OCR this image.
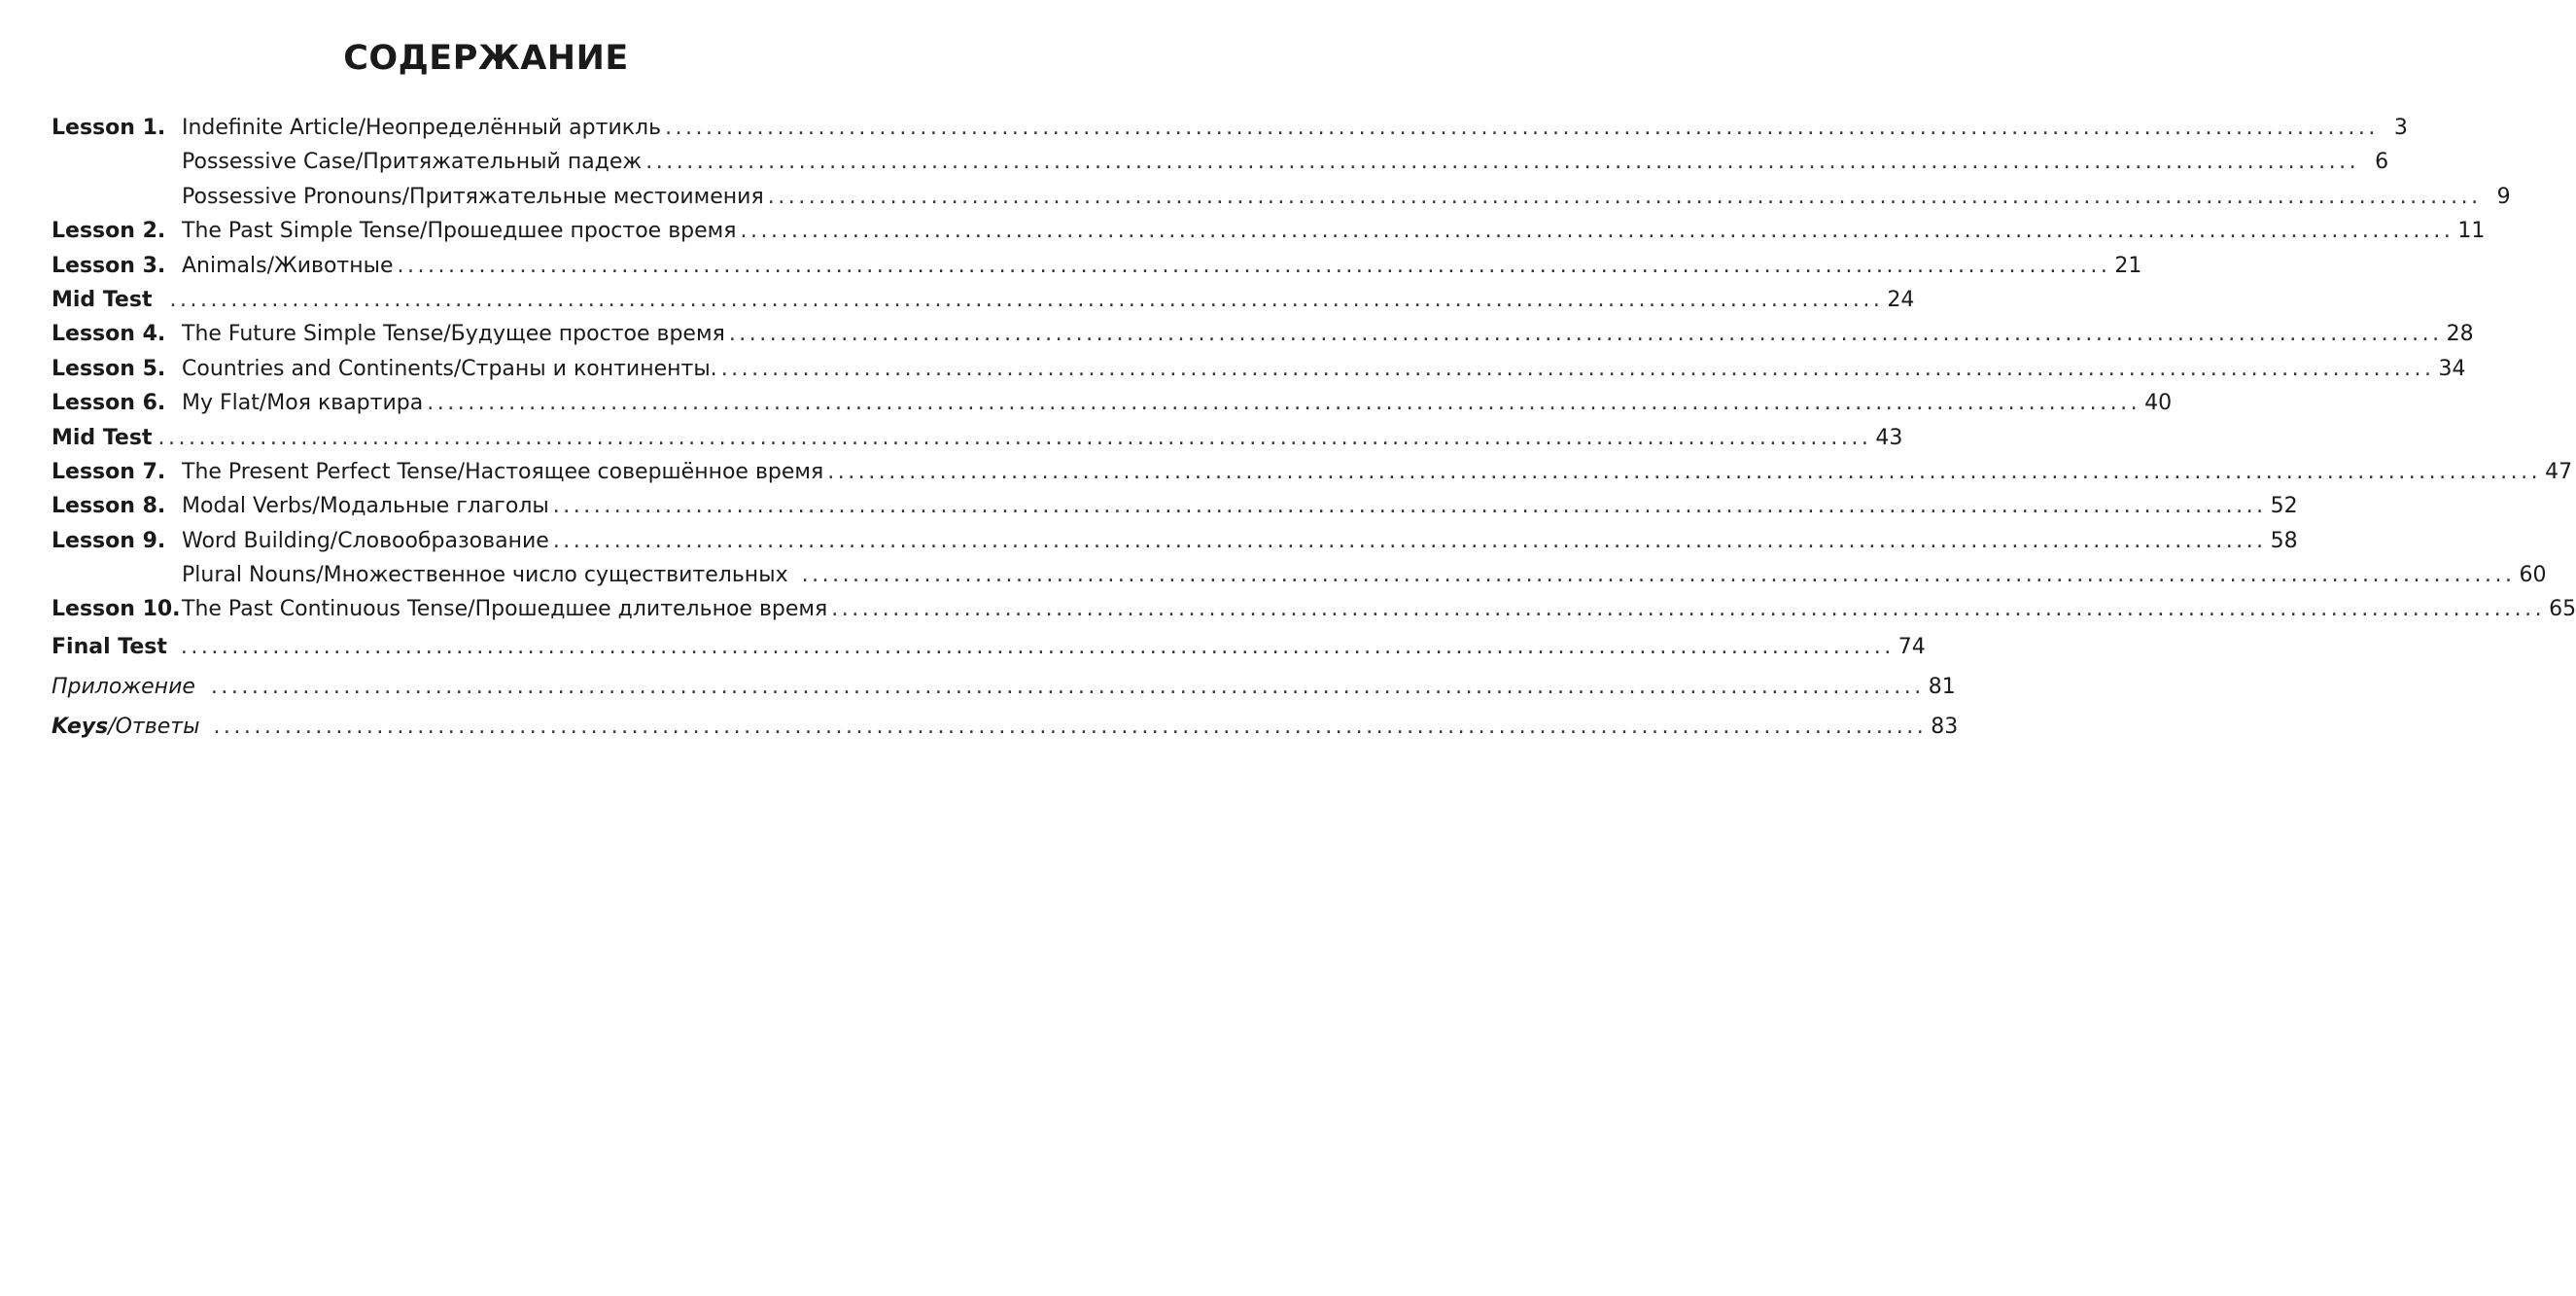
СОДЕРЖАНИЕ
Lesson 1. Indefinite Article/Неопределённый артикль ........................................................................................................................................................................ 3
Possessive Case/Притяжательный падеж ........................................................................................................................................................................ 6
Possessive Pronouns/Притяжательные местоимения ........................................................................................................................................................................ 9
Lesson 2. The Past Simple Tense/Прошедшее простое время ........................................................................................................................................................................ 11
Lesson 3. Animals/Животные ........................................................................................................................................................................ 21
Mid Test ........................................................................................................................................................................ 24
Lesson 4. The Future Simple Tense/Будущее простое время ........................................................................................................................................................................ 28
Lesson 5. Countries and Continents/Страны и континенты. ........................................................................................................................................................................ 34
Lesson 6. My Flat/Моя квартира ........................................................................................................................................................................ 40
Mid Test ........................................................................................................................................................................ 43
Lesson 7. The Present Perfect Tense/Настоящее совершённое время ........................................................................................................................................................................ 47
Lesson 8. Modal Verbs/Модальные глаголы ........................................................................................................................................................................ 52
Lesson 9. Word Building/Словообразование ........................................................................................................................................................................ 58
Plural Nouns/Множественное число существительных ........................................................................................................................................................................ 60
Lesson 10. The Past Continuous Tense/Прошедшее длительное время ........................................................................................................................................................................ 65
Final Test ........................................................................................................................................................................ 74
Приложение ........................................................................................................................................................................ 81
Keys/Ответы ........................................................................................................................................................................ 83
